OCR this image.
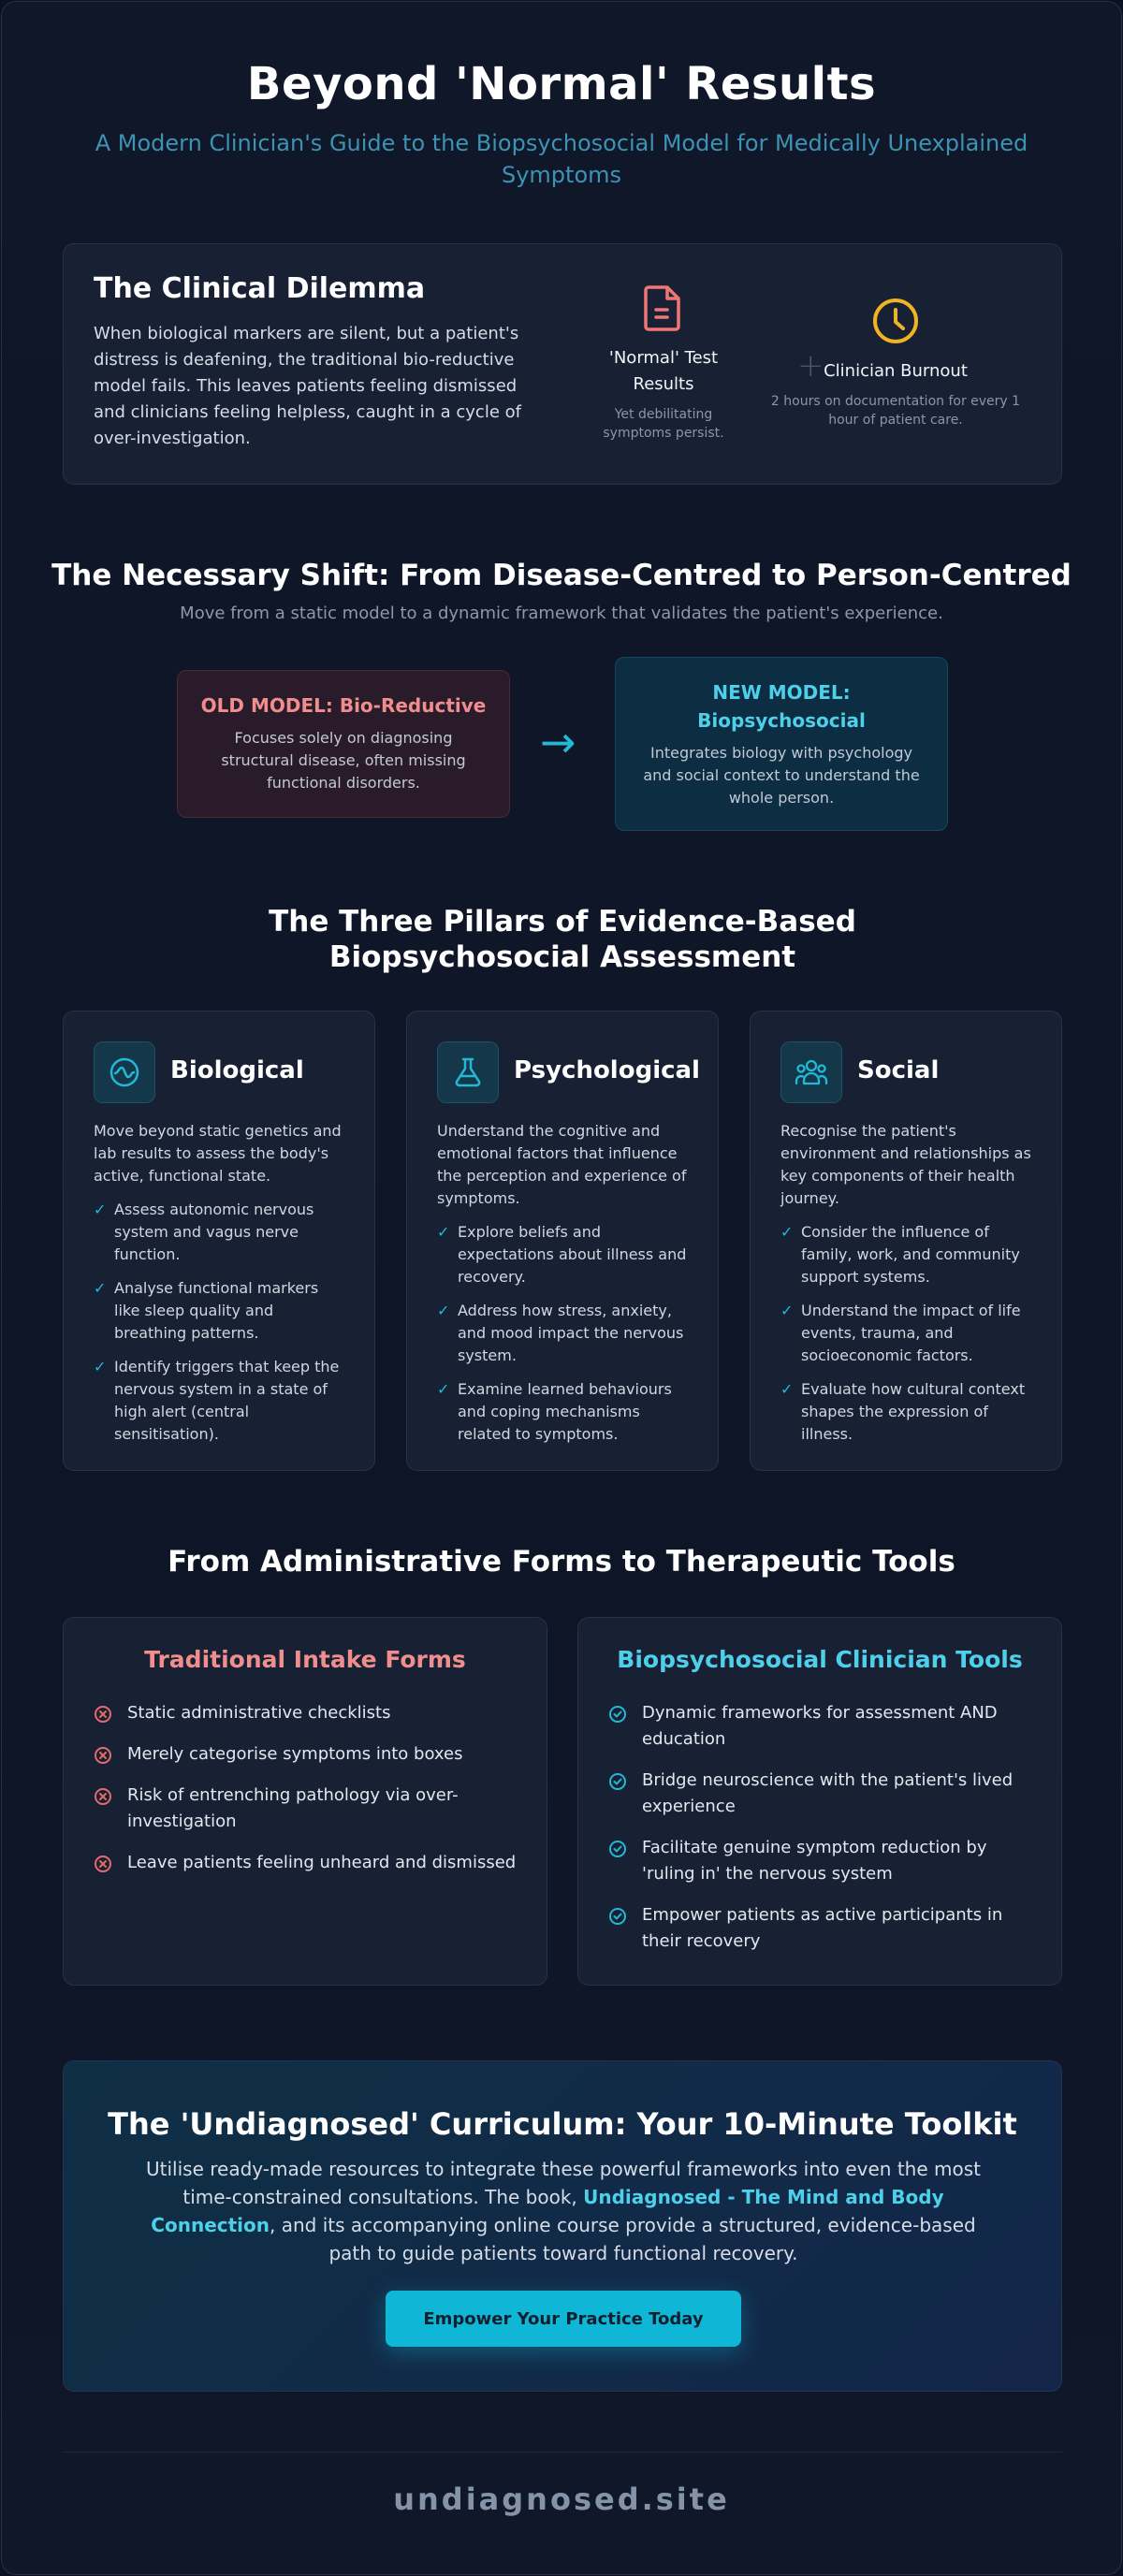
Beyond 'Normal' Results
A Modern Clinician's Guide to the Biopsychosocial Model for Medically Unexplained Symptoms
The Clinical Dilemma

When biological markers are silent, but a patient's distress is deafening, the traditional bio-reductive model fails. This leaves patients feeling dismissed and clinicians feeling helpless, caught in a cycle of over-investigation.

'Normal' Test Results
Yet debilitating symptoms persist.
+ Clinician Burnout
2 hours on documentation for every 1 hour of patient care.
The Necessary Shift: From Disease-Centred to Person-Centred
Move from a static model to a dynamic framework that validates the patient's experience.
OLD MODEL: Bio-Reductive
Focuses solely on diagnosing structural disease, often missing functional disorders.
→
NEW MODEL: Biopsychosocial
Integrates biology with psychology and social context to understand the whole person.
The Three Pillars of Evidence-Based Biopsychosocial Assessment
Biological
Move beyond static genetics and lab results to assess the body's active, functional state.
✓ Assess autonomic nervous system and vagus nerve function.
✓ Analyse functional markers like sleep quality and breathing patterns.
✓ Identify triggers that keep the nervous system in a state of high alert (central sensitisation).
Psychological
Understand the cognitive and emotional factors that influence the perception and experience of symptoms.
✓ Explore beliefs and expectations about illness and recovery.
✓ Address how stress, anxiety, and mood impact the nervous system.
✓ Examine learned behaviours and coping mechanisms related to symptoms.
Social
Recognise the patient's environment and relationships as key components of their health journey.
✓ Consider the influence of family, work, and community support systems.
✓ Understand the impact of life events, trauma, and socioeconomic factors.
✓ Evaluate how cultural context shapes the expression of illness.
From Administrative Forms to Therapeutic Tools
Traditional Intake Forms
Static administrative checklists
Merely categorise symptoms into boxes
Risk of entrenching pathology via over-investigation
Leave patients feeling unheard and dismissed
Biopsychosocial Clinician Tools
Dynamic frameworks for assessment AND education
Bridge neuroscience with the patient's lived experience
Facilitate genuine symptom reduction by 'ruling in' the nervous system
Empower patients as active participants in their recovery
The 'Undiagnosed' Curriculum: Your 10-Minute Toolkit

Utilise ready-made resources to integrate these powerful frameworks into even the most time-constrained consultations. The book, Undiagnosed - The Mind and Body Connection, and its accompanying online course provide a structured, evidence-based path to guide patients toward functional recovery.

Empower Your Practice Today
undiagnosed.site
